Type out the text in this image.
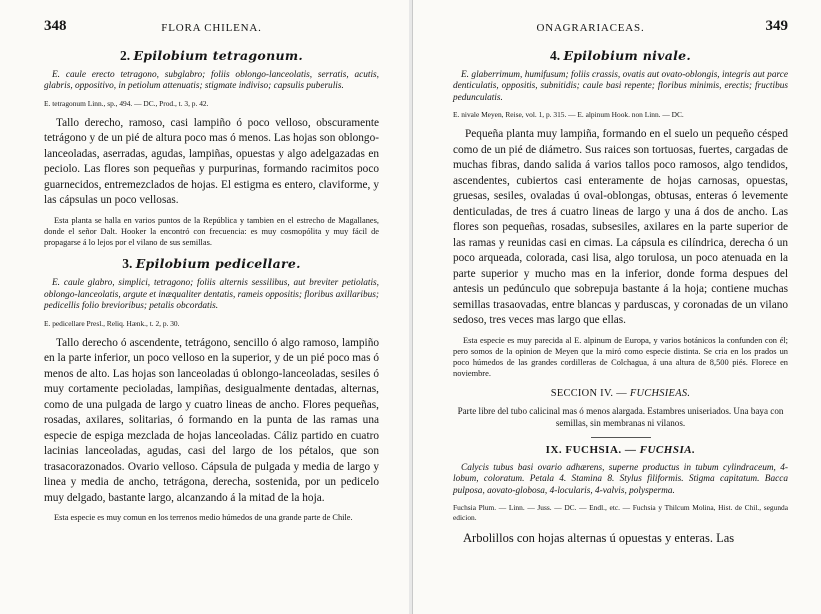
348	FLORA CHILENA.
2. Epilobium tetragonum.

E. caule erecto tetragono, subglabro; foliis oblongo-lanceolatis, serratis, acutis, glabris, oppositivo, in petiolum attenuatis; stigmate indiviso; capsulis puberulis.

E. tetragonum Linn., sp., 494. — DC., Prod., t. 3, p. 42.

Tallo derecho, ramoso, casi lampiño ó poco velloso, obscuramente tetrágono y de un pié de altura poco mas ó menos. Las hojas son oblongo-lanceoladas, aserradas, agudas, lampiñas, opuestas y algo adelgazadas en peciolo. Las flores son pequeñas y purpurinas, formando racimitos poco guarnecidos, entremezclados de hojas. El estigma es entero, claviforme, y las cápsulas un poco vellosas.

Esta planta se halla en varios puntos de la República y tambien en el estrecho de Magallanes, donde el señor Dalt. Hooker la encontró con frecuencia: es muy cosmopólita y muy fácil de propagarse á lo lejos por el vilano de sus semillas.

3. Epilobium pedicellare.

E. caule glabro, simplici, tetragono; foliis alternis sessilibus, aut breviter petiolatis, oblongo-lanceolatis, argute et inæqualiter dentatis, rameis oppositis; floribus axillaribus; pedicellis folio brevioribus; petalis obcordatis.

E. pedicellare Presl., Reliq. Hænk., t. 2, p. 30.

Tallo derecho ó ascendente, tetrágono, sencillo ó algo ramoso, lampiño en la parte inferior, un poco velloso en la superior, y de un pié poco mas ó menos de alto. Las hojas son lanceoladas ú oblongo-lanceoladas, sesiles ó muy cortamente pecioladas, lampiñas, desigualmente dentadas, alternas, como de una pulgada de largo y cuatro lineas de ancho. Flores pequeñas, rosadas, axilares, solitarias, ó formando en la punta de las ramas una especie de espiga mezclada de hojas lanceoladas. Cáliz partido en cuatro lacinias lanceoladas, agudas, casi del largo de los pétalos, que son trasacorazonados. Ovario velloso. Cápsula de pulgada y media de largo y linea y media de ancho, tetrágona, derecha, sostenida, por un pedicelo muy delgado, bastante largo, alcanzando á la mitad de la hoja.

Esta especie es muy comun en los terrenos medio húmedos de una grande parte de Chile.

ONAGRARIACEAS.	349
4. Epilobium nivale.

E. glaberrimum, humifusum; foliis crassis, ovatis aut ovato-oblongis, integris aut parce denticulatis, oppositis, subnitidis; caule basi repente; floribus minimis, erectis; fructibus pedunculatis.

E. nivale Meyen, Reise, vol. 1, p. 315. — E. alpinum Hook. non Linn. — DC.

Pequeña planta muy lampiña, formando en el suelo un pequeño césped como de un pié de diámetro. Sus raices son tortuosas, fuertes, cargadas de muchas fibras, dando salida á varios tallos poco ramosos, algo tendidos, ascendentes, cubiertos casi enteramente de hojas carnosas, opuestas, gruesas, sesiles, ovaladas ú oval-oblongas, obtusas, enteras ó levemente denticuladas, de tres á cuatro lineas de largo y una á dos de ancho. Las flores son pequeñas, rosadas, subsesiles, axilares en la parte superior de las ramas y reunidas casi en cimas. La cápsula es cilíndrica, derecha ó un poco arqueada, colorada, casi lisa, algo torulosa, un poco atenuada en la parte superior y mucho mas en la inferior, donde forma despues del antesis un pedúnculo que sobrepuja bastante á la hoja; contiene muchas semillas trasaovadas, entre blancas y parduscas, y coronadas de un vilano sedoso, tres veces mas largo que ellas.

Esta especie es muy parecida al E. alpinum de Europa, y varios botánicos la confunden con él; pero somos de la opinion de Meyen que la miró como especie distinta. Se cria en los prados un poco húmedos de las grandes cordilleras de Colchagua, á una altura de 8,500 piés. Florece en noviembre.

SECCION IV. — FUCHSIEAS.

Parte libre del tubo calicinal mas ó menos alargada. Estambres uniseriados. Una baya con semillas, sin membranas ni vilanos.

IX. FUCHSIA. — FUCHSIA.

Calycis tubus basi ovario adhærens, superne productus in tubum cylindraceum, 4-lobum, coloratum. Petala 4. Stamina 8. Stylus filiformis. Stigma capitatum. Bacca pulposa, aovato-globosa, 4-locularis, 4-valvis, polysperma.

Fuchsia Plum. — Linn. — Juss. — DC. — Endl., etc. — Fuchsia y Thilcum Molina, Hist. de Chil., segunda edicion.

Arbolillos con hojas alternas ú opuestas y enteras. Las
